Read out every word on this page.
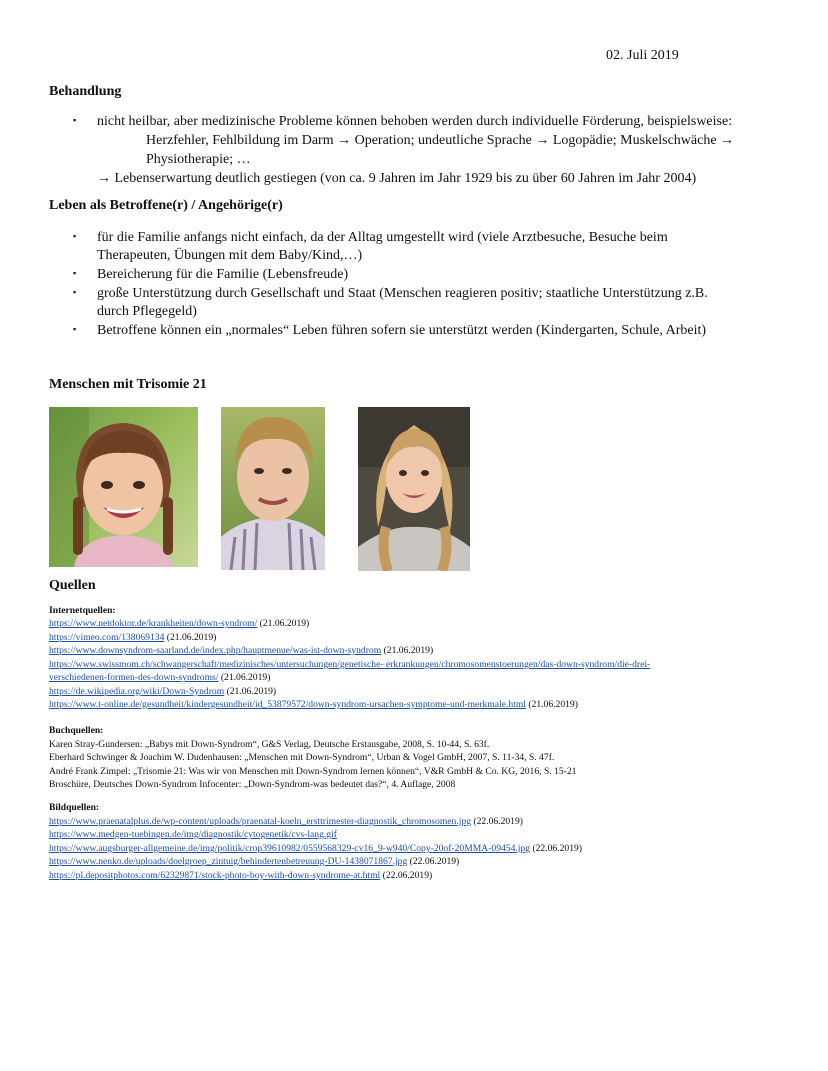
02. Juli 2019
Behandlung
▪ nicht heilbar, aber medizinische Probleme können behoben werden durch individuelle Förderung, beispielsweise:
Herzfehler, Fehlbildung im Darm → Operation; undeutliche Sprache → Logopädie; Muskelschwäche →
Physiotherapie; …
→ Lebenserwartung deutlich gestiegen (von ca. 9 Jahren im Jahr 1929 bis zu über 60 Jahren im Jahr 2004)
Leben als Betroffene(r) / Angehörige(r)
▪ für die Familie anfangs nicht einfach, da der Alltag umgestellt wird (viele Arztbesuche, Besuche beim
Therapeuten, Übungen mit dem Baby/Kind,…)
▪ Bereicherung für die Familie (Lebensfreude)
▪ große Unterstützung durch Gesellschaft und Staat (Menschen reagieren positiv; staatliche Unterstützung z.B.
durch Pflegegeld)
▪ Betroffene können ein „normales“ Leben führen sofern sie unterstützt werden (Kindergarten, Schule, Arbeit)
Menschen mit Trisomie 21
Quellen
Internetquellen:
https://www.netdoktor.de/krankheiten/down-syndrom/ (21.06.2019)
https://vimeo.com/138069134 (21.06.2019)
https://www.downsyndrom-saarland.de/index.php/hauptmenue/was-ist-down-syndrom (21.06.2019)
https://www.swissmom.ch/schwangerschaft/medizinisches/untersuchungen/genetische- erkrankungen/chromosomenstoerungen/das-down-syndrom/die-drei-
verschiedenen-formen-des-down-syndroms/ (21.06.2019)
https://de.wikipedia.org/wiki/Down-Syndrom (21.06.2019)
https://www.t-online.de/gesundheit/kindergesundheit/id_53879572/down-syndrom-ursachen-symptome-und-merkmale.html (21.06.2019)
Buchquellen:
Karen Stray-Gundersen: „Babys mit Down-Syndrom“, G&S Verlag, Deutsche Erstausgabe, 2008, S. 10-44, S. 63f.
Eberhard Schwinger & Joachim W. Dudenhausen: „Menschen mit Down-Syndrom“, Urban & Vogel GmbH, 2007, S. 11-34, S. 47f.
André Frank Zimpel: „Trisomie 21: Was wir von Menschen mit Down-Syndrom lernen können“, V&R GmbH & Co. KG, 2016, S. 15-21
Broschüre, Deutsches Down-Syndrom Infocenter: „Down-Syndrom-was bedeutet das?“, 4. Auflage, 2008
Bildquellen:
https://www.praenatalplus.de/wp-content/uploads/praenatal-koeln_ersttrimester-diagnostik_chromosomen.jpg (22.06.2019)
https://www.medgen-tuebingen.de/img/diagnostik/cytogenetik/cvs-lang.gif
https://www.augsburger-allgemeine.de/img/politik/crop39610982/0559568329-cv16_9-w940/Copy-20of-20MMA-09454.jpg (22.06.2019)
https://www.nenko.de/uploads/doelgroep_zintuig/behindertenbetreuung-DU-1438071867.jpg (22.06.2019)
https://pl.depositphotos.com/62329871/stock-photo-boy-with-down-syndrome-at.html (22.06.2019)
